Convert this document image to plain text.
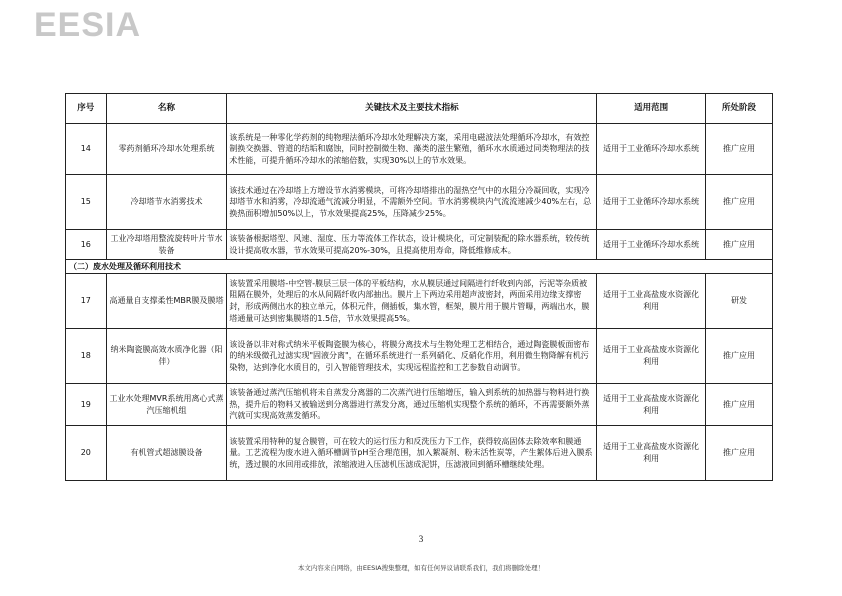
EESIA
序号	名称	关键技术及主要技术指标	适用范围	所处阶段
14	零药剂循环冷却水处理系统	该系统是一种零化学药剂的纯物理法循环冷却水处理解决方案，采用电磁波法处理循环冷却水，有效控制换交换器、管道的结垢和腐蚀，同时控制微生物、藻类的滋生繁殖，循环水水质通过同类物理法的技术性能，可提升循环冷却水的浓缩倍数，实现30%以上的节水效果。	适用于工业循环冷却水系统	推广应用
15	冷却塔节水消雾技术	该技术通过在冷却塔上方增设节水消雾模块，可将冷却塔排出的湿热空气中的水阻分冷凝回收，实现冷却塔节水和消雾，冷却流通气流减分明显，不需额外空间。节水消雾模块内气流流速减少40%左右，总换热面积增加50%以上，节水效果提高25%，压降减少25%。	适用于工业循环冷却水系统	推广应用
16	工业冷却塔用整流旋转叶片节水装备	该装备根据塔型、风速、湿度、压力等流体工作状态，设计模块化，可定制装配的除水器系统，较传统设计提高收水器，节水效果可提高20%-30%，且提高使用寿命，降低维修成本。	适用于工业循环冷却水系统	推广应用
（二）废水处理及循环利用技术				
17	高通量自支撑柔性MBR膜及膜塔	该装置采用膜塔-中空管-膜层三层一体的平板结构，水从膜层通过间隔进行纤收到内部，污泥等杂质被阻隔在膜外，处理后的水从间隔纤收内部抽出。膜片上下两边采用超声波密封，两面采用边缘支撑密封，形成两侧出水的独立单元，体积元件，侧插板，集水管，框架，膜片用于膜片管曝，两端出水，膜塔通量可达到密集膜塔的1.5倍，节水效果提高5%。	适用于工业高盐废水资源化利用	研发
18	纳米陶瓷膜高效水质净化器（阳伴）	该设备以非对称式纳米平板陶瓷膜为核心，将膜分离技术与生物处理工艺相结合，通过陶瓷膜板面密布的纳米级微孔过滤实现"固液分离"，在循环系统进行一系列硝化、反硝化作用，利用微生物降解有机污染物，达到净化水质目的，引入智能管理技术，实现远程监控和工艺参数自动调节。	适用于工业高盐废水资源化利用	推广应用
19	工业水处理MVR系统用离心式蒸汽压缩机组	该装备通过蒸汽压缩机将未自蒸发分离器的二次蒸汽进行压缩增压，输入到系统的加热器与物料进行换热，提升后的物料又被输送到分离器进行蒸发分离，通过压缩机实现整个系统的循环，不再需要额外蒸汽就可实现高效蒸发循环。	适用于工业高盐废水资源化利用	推广应用
20	有机管式超滤膜设备	该装置采用特种的复合膜管，可在较大的运行压力和反洗压力下工作，获得较高固体去除效率和膜通量。工艺流程为废水进入循环槽调节pH至合理范围，加入絮凝剂、粉末活性炭等，产生絮体后进入膜系统，透过膜的水回用或排放，浓缩液进入压滤机压滤成泥饼，压滤液回到循环槽继续处理。	适用于工业高盐废水资源化利用	推广应用
3
本文内容来自网络，由EESIA搜集整理，如有任何异议请联系我们，我们将删除处理！
